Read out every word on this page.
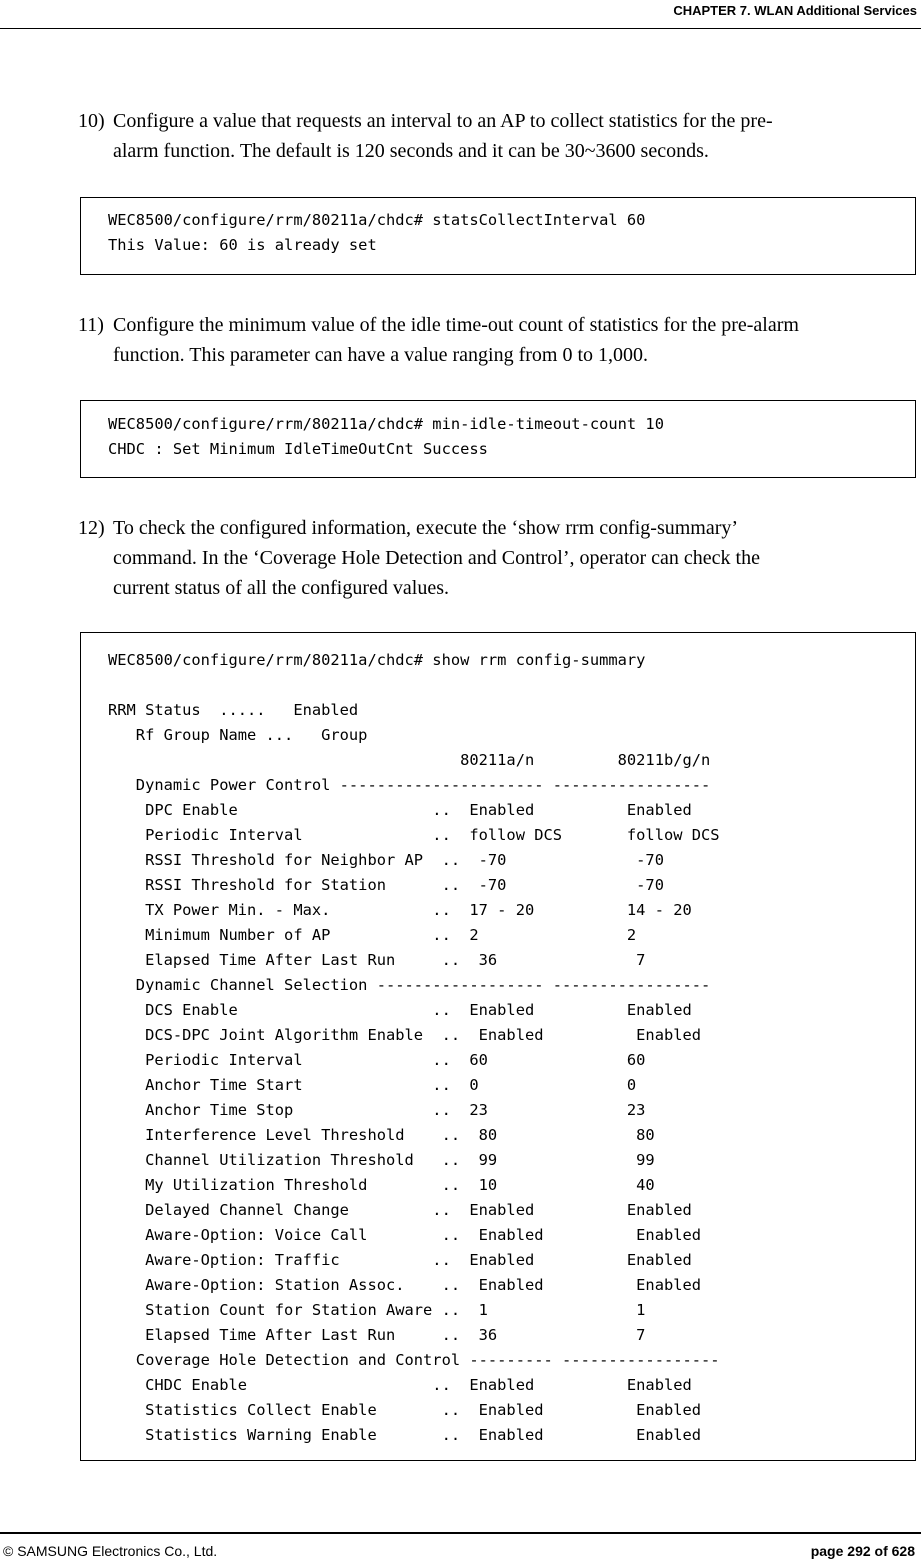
CHAPTER 7. WLAN Additional Services
10) Configure a value that requests an interval to an AP to collect statistics for the pre-
alarm function. The default is 120 seconds and it can be 30~3600 seconds.
WEC8500/configure/rrm/80211a/chdc# statsCollectInterval 60
This Value: 60 is already set
11) Configure the minimum value of the idle time-out count of statistics for the pre-alarm
function. This parameter can have a value ranging from 0 to 1,000.
WEC8500/configure/rrm/80211a/chdc# min-idle-timeout-count 10
CHDC : Set Minimum IdleTimeOutCnt Success
12) To check the configured information, execute the ‘show rrm config-summary’
command. In the ‘Coverage Hole Detection and Control’, operator can check the
current status of all the configured values.
WEC8500/configure/rrm/80211a/chdc# show rrm config-summary

RRM Status  .....   Enabled
Rf Group Name ...   Group
80211a/n         80211b/g/n
Dynamic Power Control ---------------------- -----------------
DPC Enable                     ..  Enabled          Enabled
Periodic Interval              ..  follow DCS       follow DCS
RSSI Threshold for Neighbor AP  ..  -70              -70
RSSI Threshold for Station      ..  -70              -70
TX Power Min. - Max.           ..  17 - 20          14 - 20
Minimum Number of AP           ..  2                2
Elapsed Time After Last Run     ..  36               7
Dynamic Channel Selection ------------------ -----------------
DCS Enable                     ..  Enabled          Enabled
DCS-DPC Joint Algorithm Enable  ..  Enabled          Enabled
Periodic Interval              ..  60               60
Anchor Time Start              ..  0                0
Anchor Time Stop               ..  23               23
Interference Level Threshold    ..  80               80
Channel Utilization Threshold   ..  99               99
My Utilization Threshold        ..  10               40
Delayed Channel Change         ..  Enabled          Enabled
Aware-Option: Voice Call        ..  Enabled          Enabled
Aware-Option: Traffic          ..  Enabled          Enabled
Aware-Option: Station Assoc.    ..  Enabled          Enabled
Station Count for Station Aware ..  1                1
Elapsed Time After Last Run     ..  36               7
Coverage Hole Detection and Control --------- -----------------
CHDC Enable                    ..  Enabled          Enabled
Statistics Collect Enable       ..  Enabled          Enabled
Statistics Warning Enable       ..  Enabled          Enabled
© SAMSUNG Electronics Co., Ltd.	page 292 of 628
